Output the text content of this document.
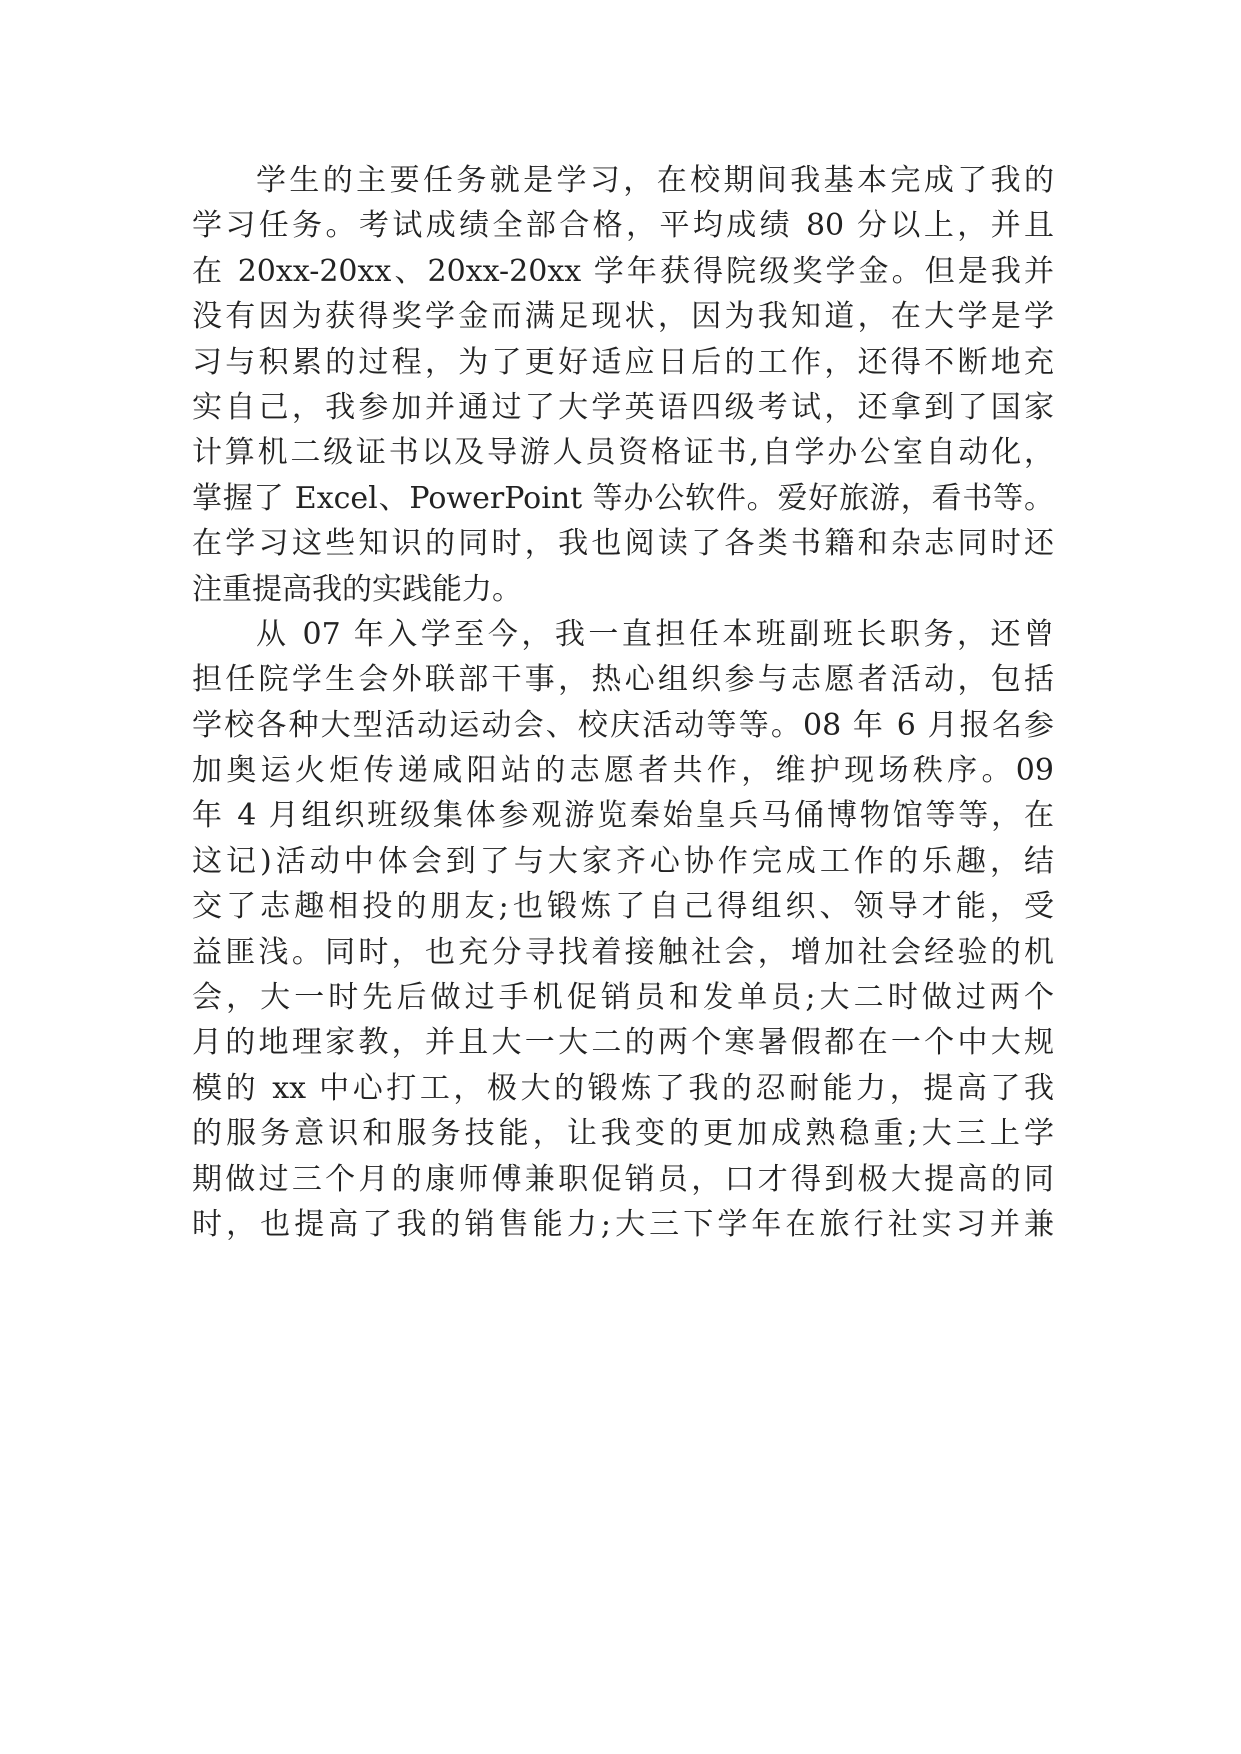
学生的主要任务就是学习，在校期间我基本完成了我的
学习任务。考试成绩全部合格，平均成绩 80 分以上，并且
在 20xx-20xx、20xx-20xx 学年获得院级奖学金。但是我并
没有因为获得奖学金而满足现状，因为我知道，在大学是学
习与积累的过程，为了更好适应日后的工作，还得不断地充
实自己，我参加并通过了大学英语四级考试，还拿到了国家
计算机二级证书以及导游人员资格证书,自学办公室自动化，
掌握了 Excel、PowerPoint 等办公软件。爱好旅游，看书等。
在学习这些知识的同时，我也阅读了各类书籍和杂志同时还
注重提高我的实践能力。
从 07 年入学至今，我一直担任本班副班长职务，还曾
担任院学生会外联部干事，热心组织参与志愿者活动，包括
学校各种大型活动运动会、校庆活动等等。08 年 6 月报名参
加奥运火炬传递咸阳站的志愿者共作，维护现场秩序。09
年 4 月组织班级集体参观游览秦始皇兵马俑博物馆等等，在
这记)活动中体会到了与大家齐心协作完成工作的乐趣，结
交了志趣相投的朋友;也锻炼了自己得组织、领导才能，受
益匪浅。同时，也充分寻找着接触社会，增加社会经验的机
会，大一时先后做过手机促销员和发单员;大二时做过两个
月的地理家教，并且大一大二的两个寒暑假都在一个中大规
模的 xx 中心打工，极大的锻炼了我的忍耐能力，提高了我
的服务意识和服务技能，让我变的更加成熟稳重;大三上学
期做过三个月的康师傅兼职促销员，口才得到极大提高的同
时，也提高了我的销售能力;大三下学年在旅行社实习并兼
